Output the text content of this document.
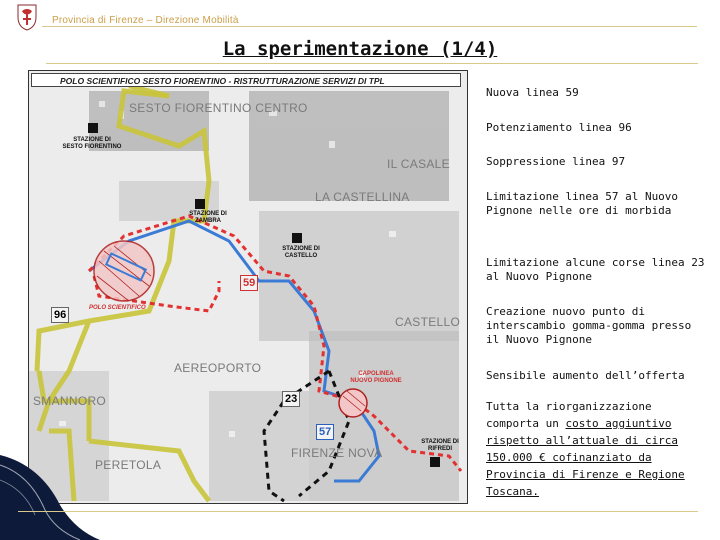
Provincia di Firenze – Direzione Mobilità
La sperimentazione (1/4)
POLO SCIENTIFICO SESTO FIORENTINO - RISTRUTTURAZIONE SERVIZI DI TPL
SESTO FIORENTINO CENTRO
IL CASALE
LA CASTELLINA
CASTELLO
AEREOPORTO
SMANNORO
PERETOLA
FIRENZE NOVA
STAZIONE DI
SESTO FIORENTINO
STAZIONE DI
ZAMBRA
STAZIONE DI
CASTELLO
STAZIONE DI
RIFREDI
POLO SCIENTIFICO
CAPOLINEA
NUOVO PIGNONE
59
96
23
57
Nuova linea 59
Potenziamento linea 96
Soppressione linea 97
Limitazione linea 57 al Nuovo Pignone nelle ore di morbida
Limitazione alcune corse linea 23 al Nuovo Pignone
Creazione nuovo punto di interscambio gomma-gomma presso il Nuovo Pignone
Sensibile aumento dell’offerta
Tutta la riorganizzazione
comporta un costo aggiuntivo
rispetto all’attuale di circa
150.000 € cofinanziato da
Provincia di Firenze e Regione
Toscana.
